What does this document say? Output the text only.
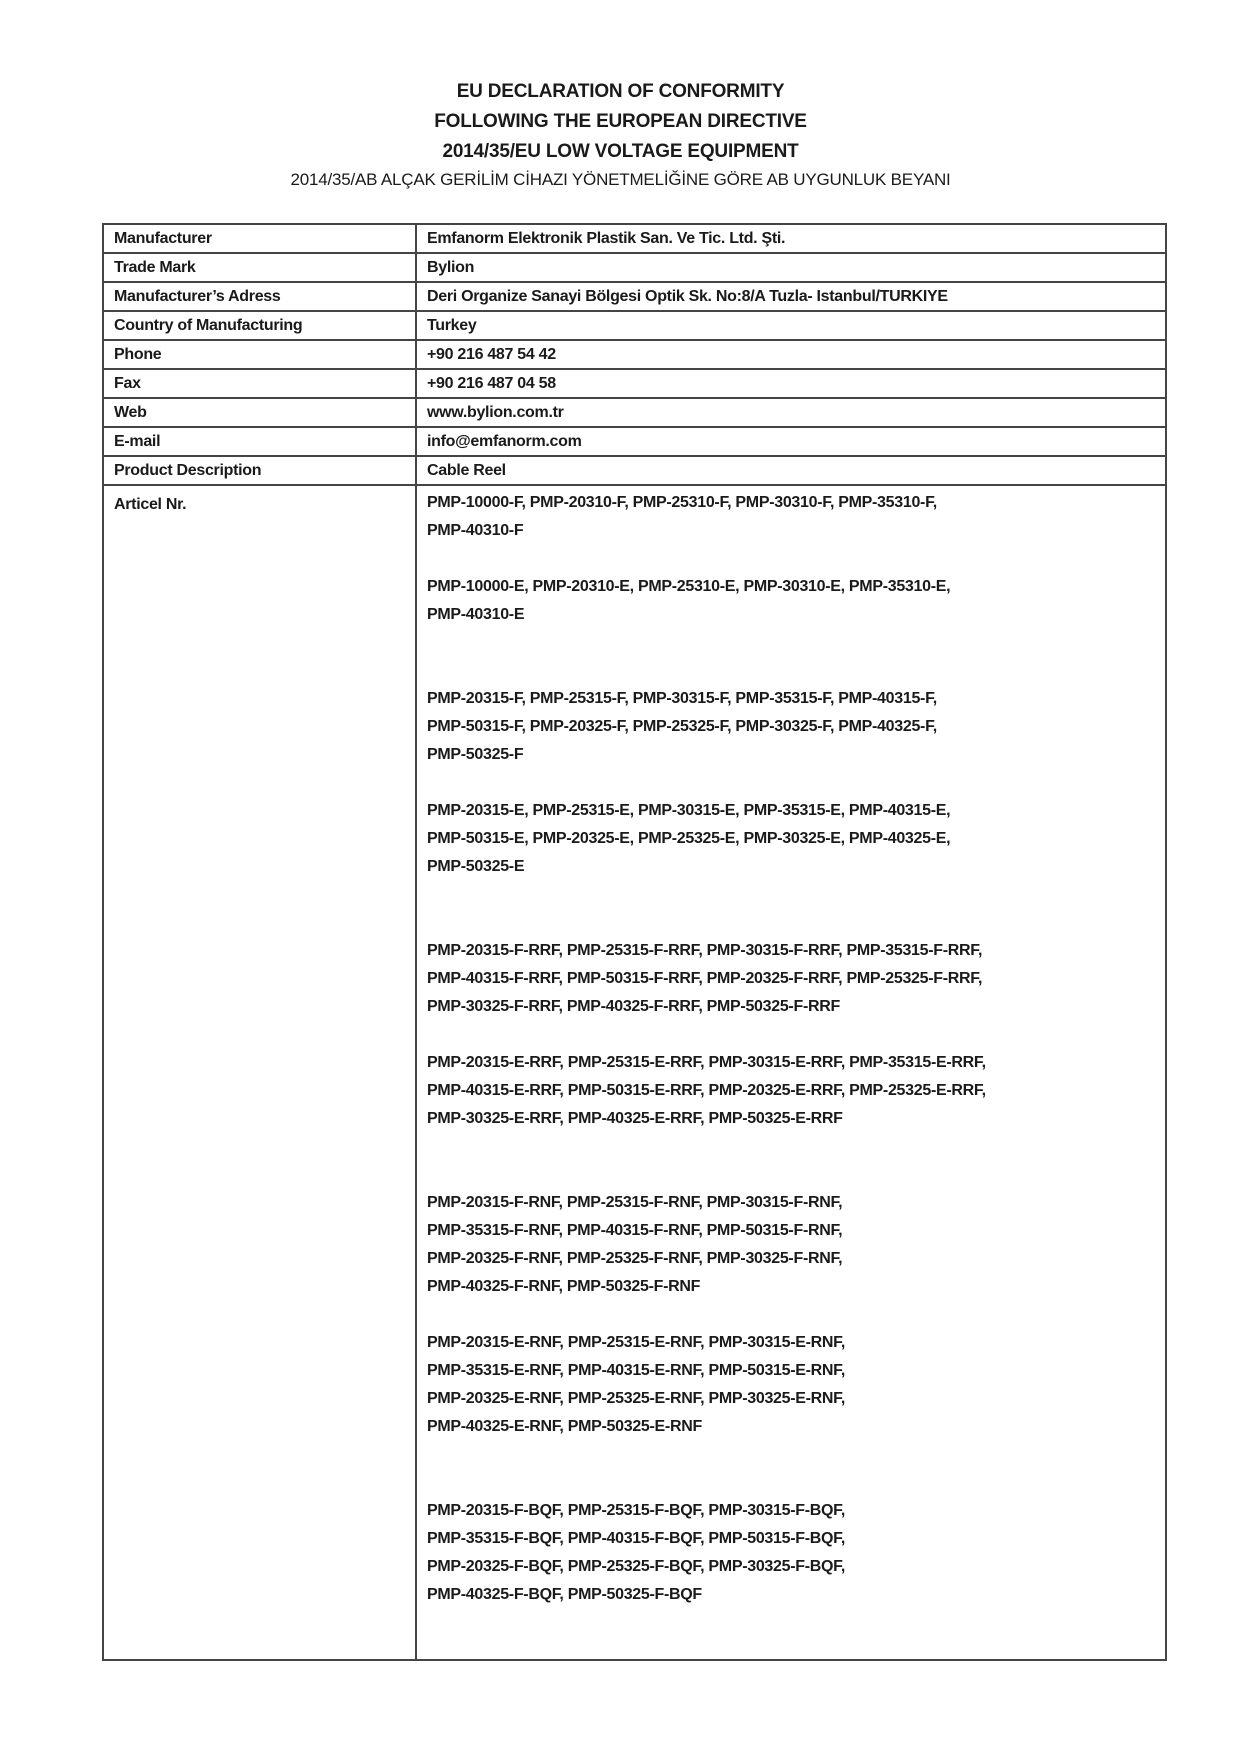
EU DECLARATION OF CONFORMITY
FOLLOWING THE EUROPEAN DIRECTIVE
2014/35/EU LOW VOLTAGE EQUIPMENT
2014/35/AB ALÇAK GERİLİM CİHAZI YÖNETMELİĞİNE GÖRE AB UYGUNLUK BEYANI
Manufacturer	Emfanorm Elektronik Plastik San. Ve Tic. Ltd. Şti.
Trade Mark	Bylion
Manufacturer’s Adress	Deri Organize Sanayi Bölgesi Optik Sk. No:8/A Tuzla- Istanbul/TURKIYE
Country of Manufacturing	Turkey
Phone	+90 216 487 54 42
Fax	+90 216 487 04 58
Web	www.bylion.com.tr
E-mail	info@emfanorm.com
Product Description	Cable Reel

Articel Nr.	PMP-10000-F, PMP-20310-F, PMP-25310-F, PMP-30310-F, PMP-35310-F,
PMP-40310-F
PMP-10000-E, PMP-20310-E, PMP-25310-E, PMP-30310-E, PMP-35310-E,
PMP-40310-E
PMP-20315-F, PMP-25315-F, PMP-30315-F, PMP-35315-F, PMP-40315-F,
PMP-50315-F, PMP-20325-F, PMP-25325-F, PMP-30325-F, PMP-40325-F,
PMP-50325-F
PMP-20315-E, PMP-25315-E, PMP-30315-E, PMP-35315-E, PMP-40315-E,
PMP-50315-E, PMP-20325-E, PMP-25325-E, PMP-30325-E, PMP-40325-E,
PMP-50325-E
PMP-20315-F-RRF, PMP-25315-F-RRF, PMP-30315-F-RRF, PMP-35315-F-RRF,
PMP-40315-F-RRF, PMP-50315-F-RRF, PMP-20325-F-RRF, PMP-25325-F-RRF,
PMP-30325-F-RRF, PMP-40325-F-RRF, PMP-50325-F-RRF
PMP-20315-E-RRF, PMP-25315-E-RRF, PMP-30315-E-RRF, PMP-35315-E-RRF,
PMP-40315-E-RRF, PMP-50315-E-RRF, PMP-20325-E-RRF, PMP-25325-E-RRF,
PMP-30325-E-RRF, PMP-40325-E-RRF, PMP-50325-E-RRF
PMP-20315-F-RNF, PMP-25315-F-RNF, PMP-30315-F-RNF,
PMP-35315-F-RNF, PMP-40315-F-RNF, PMP-50315-F-RNF,
PMP-20325-F-RNF, PMP-25325-F-RNF, PMP-30325-F-RNF,
PMP-40325-F-RNF, PMP-50325-F-RNF
PMP-20315-E-RNF, PMP-25315-E-RNF, PMP-30315-E-RNF,
PMP-35315-E-RNF, PMP-40315-E-RNF, PMP-50315-E-RNF,
PMP-20325-E-RNF, PMP-25325-E-RNF, PMP-30325-E-RNF,
PMP-40325-E-RNF, PMP-50325-E-RNF
PMP-20315-F-BQF, PMP-25315-F-BQF, PMP-30315-F-BQF,
PMP-35315-F-BQF, PMP-40315-F-BQF, PMP-50315-F-BQF,
PMP-20325-F-BQF, PMP-25325-F-BQF, PMP-30325-F-BQF,
PMP-40325-F-BQF, PMP-50325-F-BQF
